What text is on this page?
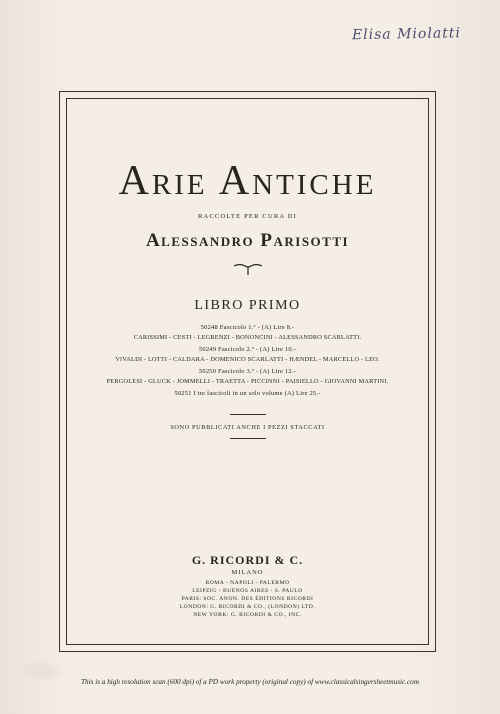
Elisa Miolatti
Arie Antiche
RACCOLTE PER CURA DI
Alessandro Parisotti
LIBRO PRIMO
50248 Fascicolo 1.º - (A) Lire 8.-
CARISSIMI - CESTI - LEGRENZI - BONONCINI - ALESSANDRO SCARLATTI.
50249 Fascicolo 2.º - (A) Lire 10.-
VIVALDI - LOTTI - CALDARA - DOMENICO SCARLATTI - HÆNDEL - MARCELLO - LEO.
50250 Fascicolo 3.º - (A) Lire 12.-
PERGOLESI - GLUCK - JOMMELLI - TRAETTA - PICCINNI - PAISIELLO - GIOVANNI MARTINI.
50251 I tre fascicoli in un solo volume (A) Lire 25.-
SONO PUBBLICATI ANCHE I PEZZI STACCATI
G. RICORDI & C.
MILANO
ROMA - NAPOLI - PALERMO
LEIPZIG - BUENOS AIRES - S. PAULO
PARIS: SOC. ANON. DES ÉDITIONS RICORDI
LONDON: G. RICORDI & CO., (LONDON) LTD.
NEW YORK: G. RICORDI & CO., INC.
This is a high resolution scan (600 dpi) of a PD work property (original copy) of www.classicalsingersheetmusic.com
